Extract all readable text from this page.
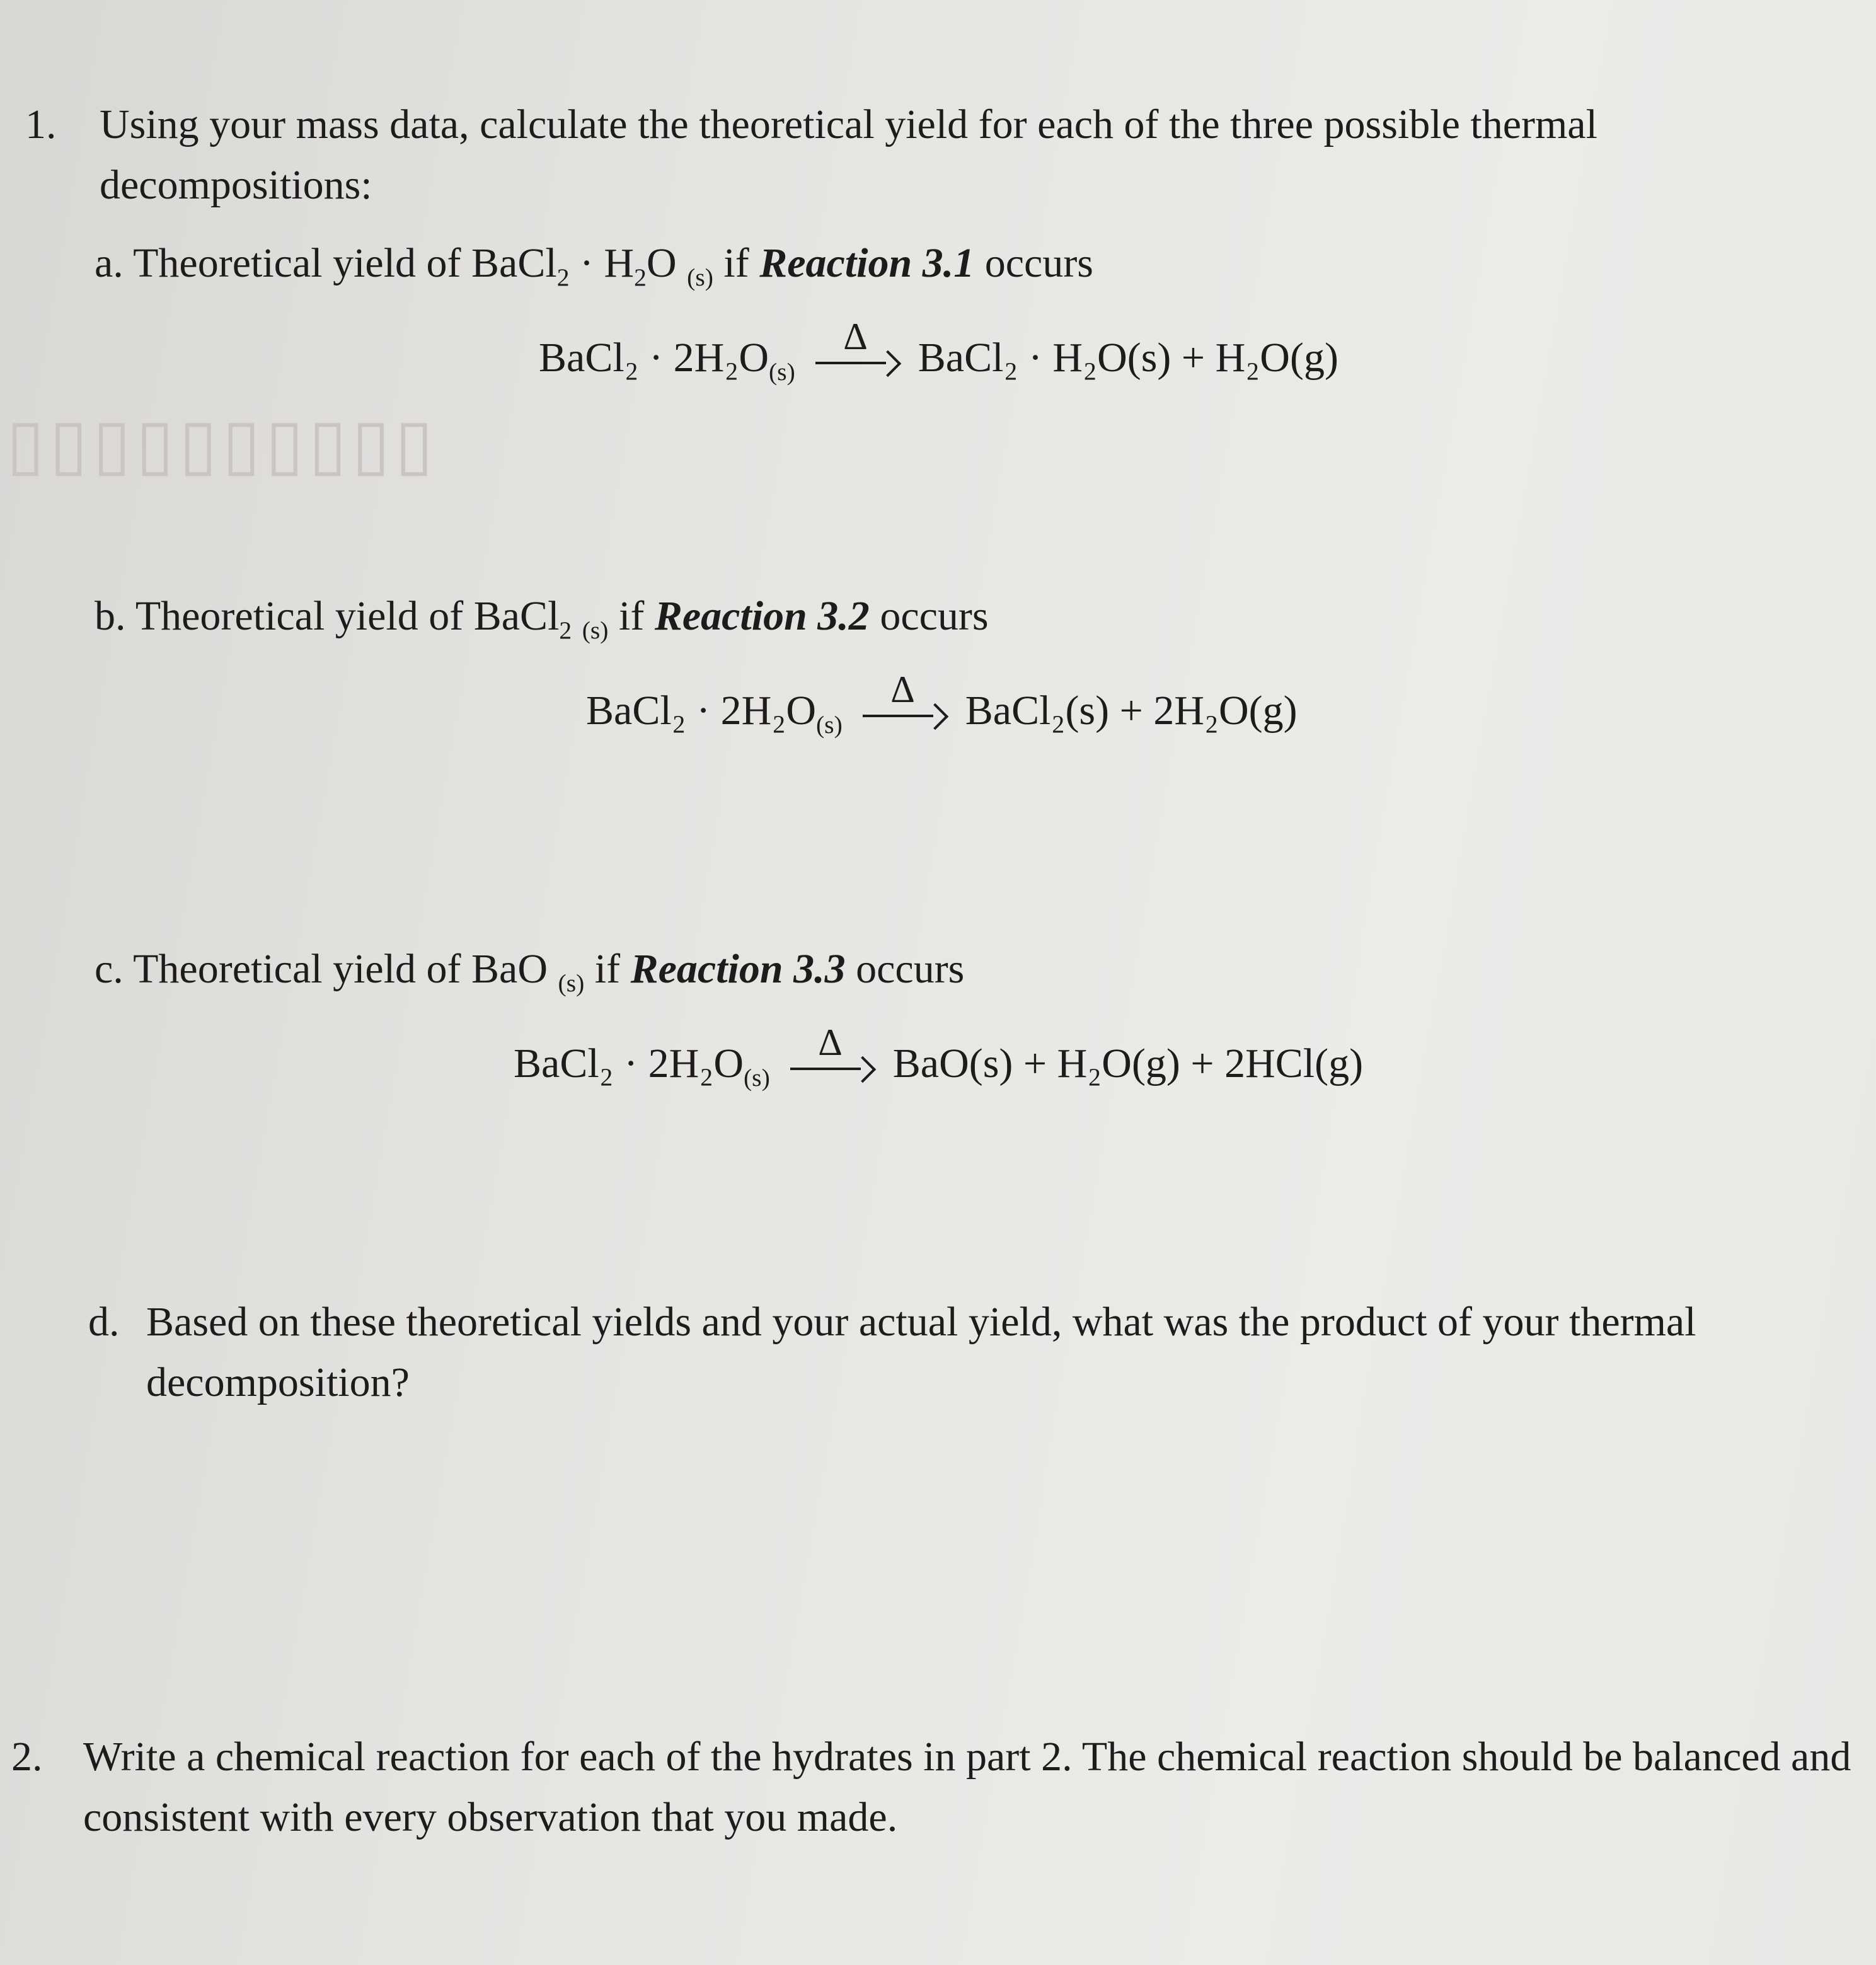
▯▯▯▯▯▯▯▯▯▯
1. Using your mass data, calculate the theoretical yield for each of the three possible thermal decompositions:
a. Theoretical yield of BaCl$_2$ · $H_2O$ $_{(s)}$ if Reaction 3.1 occurs
BaCl₂ · $2H_2O_{(s)}$
Δ BaCl₂ · H₂O(s) + H₂O(g)
b. Theoretical yield of BaCl$_2$ $_{(s)}$ if Reaction 3.2 occurs
BaCl₂ · $2H_2O_{(s)}$
Δ BaCl₂(s) + 2H₂O(g)
c. Theoretical yield of BaO $_{(s)}$ if Reaction 3.3 occurs
BaCl₂ · $2H_2O_{(s)}$
Δ BaO(s) + H₂O(g) + 2HCl(g)
d. Based on these theoretical yields and your actual yield, what was the product of your thermal decomposition?
2. Write a chemical reaction for each of the hydrates in part 2. The chemical reaction should be balanced and consistent with every observation that you made.
